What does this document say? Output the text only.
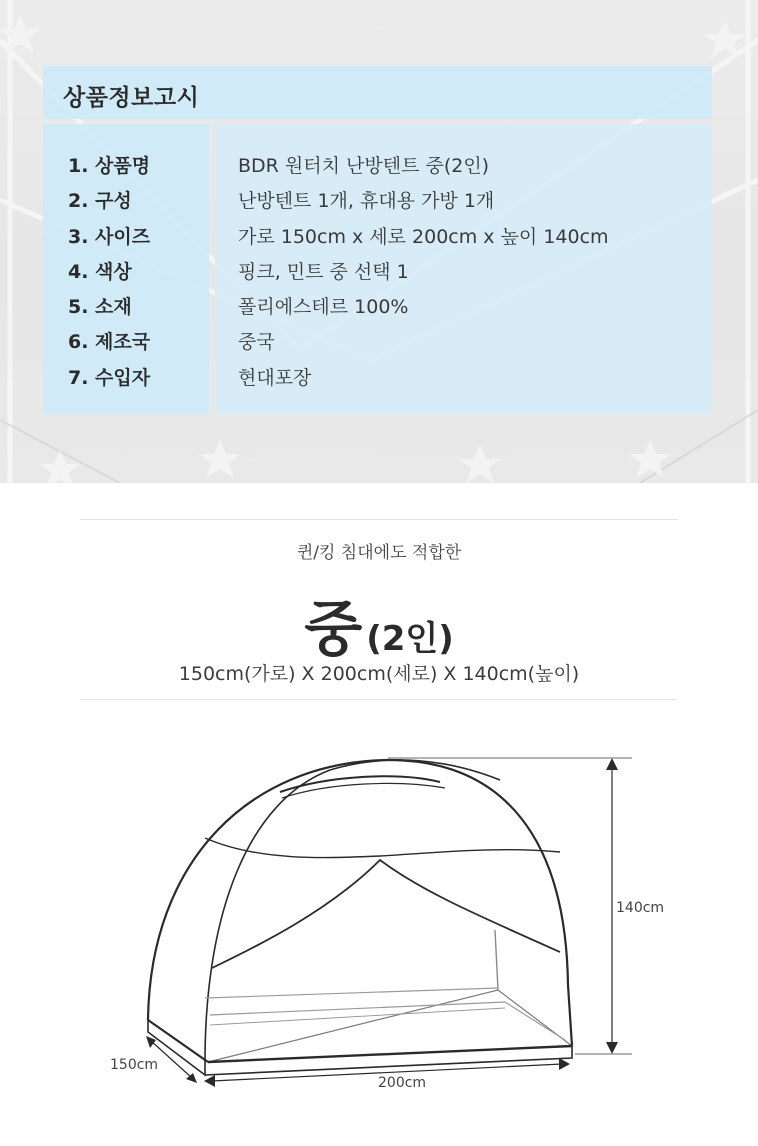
상품정보고시
1. 상품명	BDR 원터치 난방텐트 중(2인)
2. 구성	난방텐트 1개, 휴대용 가방 1개
3. 사이즈	가로 150cm x 세로 200cm x 높이 140cm
4. 색상	핑크, 민트 중 선택 1
5. 소재	폴리에스테르 100%
6. 제조국	중국
7. 수입자	현대포장
퀸/킹 침대에도 적합한
중 (2인)
150cm(가로) X 200cm(세로) X 140cm(높이)
140cm
150cm
200cm
